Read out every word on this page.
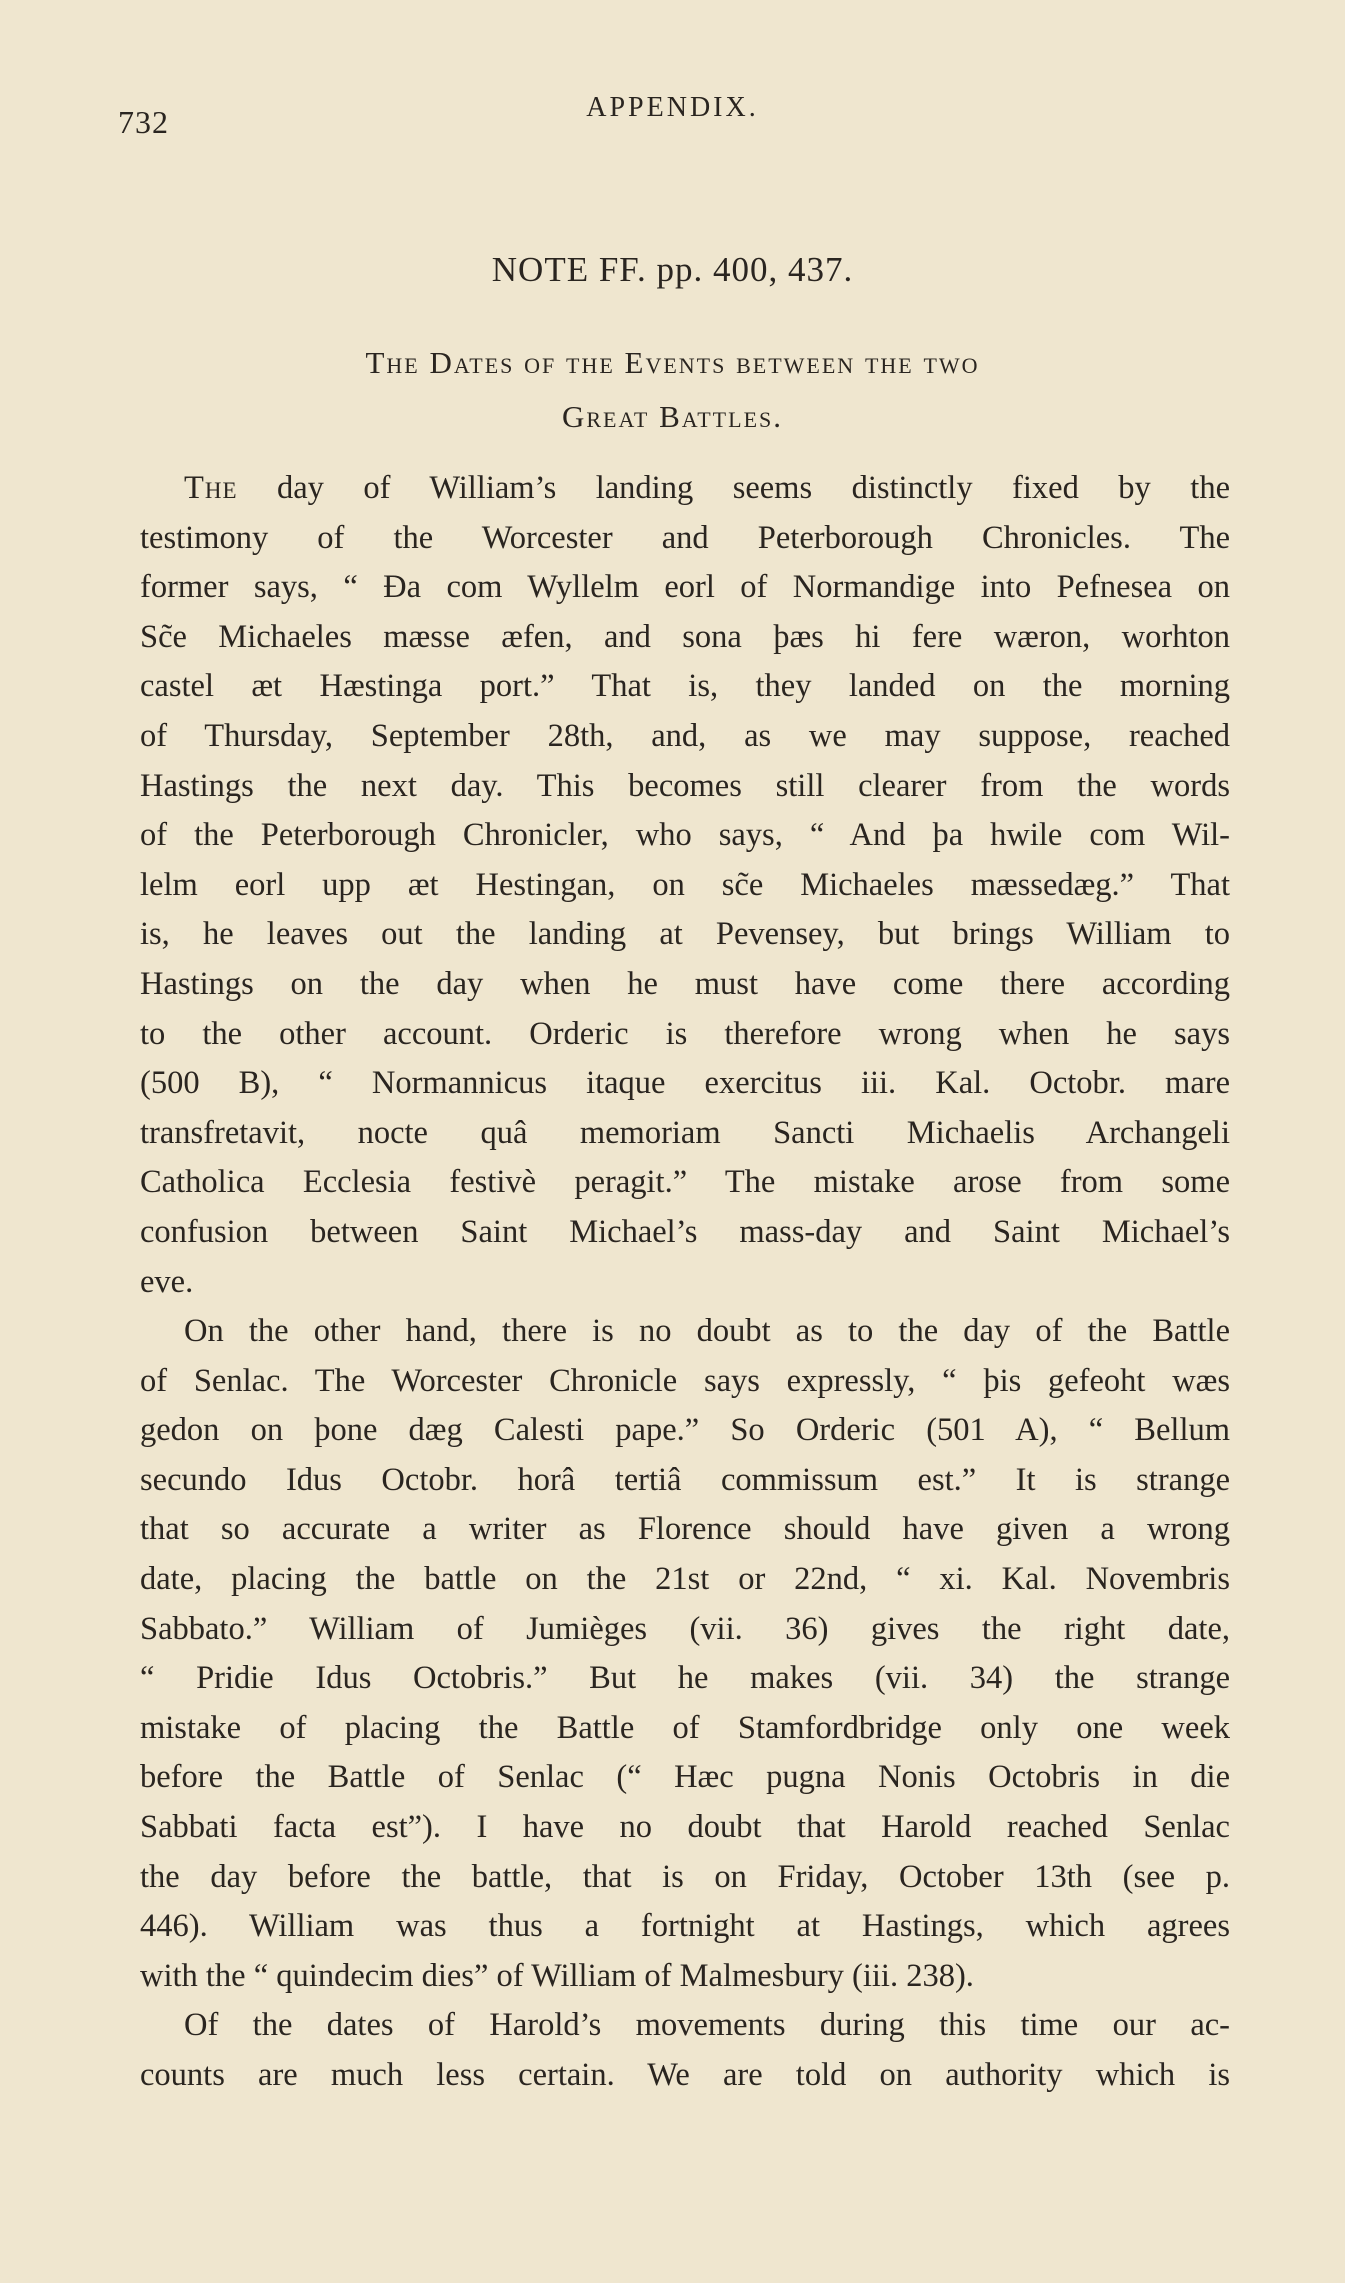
732	APPENDIX.
NOTE FF. pp. 400, 437.
The Dates of the Events between the two
Great Battles.
The day of William’s landing seems distinctly fixed by the
testimony of the Worcester and Peterborough Chronicles. The
former says, “ Ða com Wyllelm eorl of Normandige into Pefnesea on
Sc̃e Michaeles mæsse æfen, and sona þæs hi fere wæron, worhton
castel æt Hæstinga port.” That is, they landed on the morning
of Thursday, September 28th, and, as we may suppose, reached
Hastings the next day. This becomes still clearer from the words
of the Peterborough Chronicler, who says, “ And þa hwile com Wil-
lelm eorl upp æt Hestingan, on sc̃e Michaeles mæssedæg.” That
is, he leaves out the landing at Pevensey, but brings William to
Hastings on the day when he must have come there according
to the other account. Orderic is therefore wrong when he says
(500 B), “ Normannicus itaque exercitus iii. Kal. Octobr. mare
transfretavit, nocte quâ memoriam Sancti Michaelis Archangeli
Catholica Ecclesia festivè peragit.” The mistake arose from some
confusion between Saint Michael’s mass-day and Saint Michael’s
eve.
On the other hand, there is no doubt as to the day of the Battle
of Senlac. The Worcester Chronicle says expressly, “ þis gefeoht wæs
gedon on þone dæg Calesti pape.” So Orderic (501 A), “ Bellum
secundo Idus Octobr. horâ tertiâ commissum est.” It is strange
that so accurate a writer as Florence should have given a wrong
date, placing the battle on the 21st or 22nd, “ xi. Kal. Novembris
Sabbato.” William of Jumièges (vii. 36) gives the right date,
“ Pridie Idus Octobris.” But he makes (vii. 34) the strange
mistake of placing the Battle of Stamfordbridge only one week
before the Battle of Senlac (“ Hæc pugna Nonis Octobris in die
Sabbati facta est”). I have no doubt that Harold reached Senlac
the day before the battle, that is on Friday, October 13th (see p.
446). William was thus a fortnight at Hastings, which agrees
with the “ quindecim dies” of William of Malmesbury (iii. 238).
Of the dates of Harold’s movements during this time our ac-
counts are much less certain. We are told on authority which is
